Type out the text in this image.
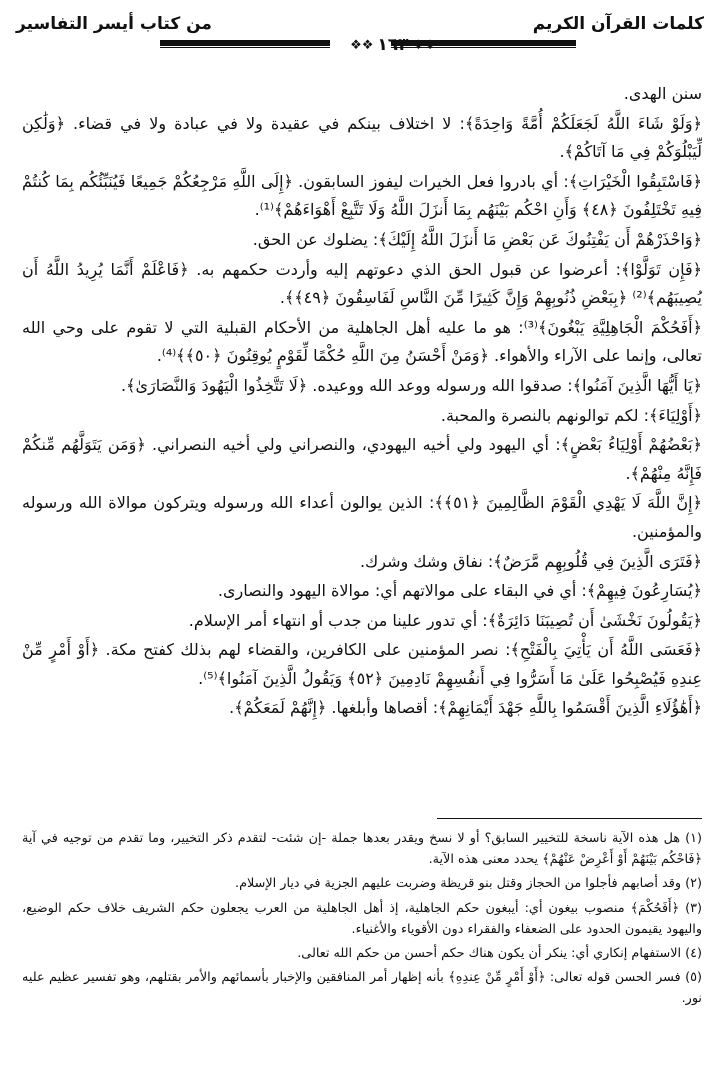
كلمات القرآن الكريم
من كتاب أيسر التفاسير
❖❖ ١٦٣ ❖❖

سنن الهدى.

﴿وَلَوْ شَاءَ اللَّهُ لَجَعَلَكُمْ أُمَّةً وَاحِدَةً﴾: لا اختلاف بينكم في عقيدة ولا في عبادة ولا في قضاء. ﴿وَلَٰكِن لِّيَبْلُوَكُمْ فِي مَا آتَاكُمْ﴾.

﴿فَاسْتَبِقُوا الْخَيْرَاتِ﴾: أي بادروا فعل الخيرات ليفوز السابقون. ﴿إِلَى اللَّهِ مَرْجِعُكُمْ جَمِيعًا فَيُنَبِّئُكُم بِمَا كُنتُمْ فِيهِ تَخْتَلِفُونَ ﴿٤٨﴾ وَأَنِ احْكُم بَيْنَهُم بِمَا أَنزَلَ اللَّهُ وَلَا تَتَّبِعْ أَهْوَاءَهُمْ﴾⁽¹⁾.

﴿وَاحْذَرْهُمْ أَن يَفْتِنُوكَ عَن بَعْضِ مَا أَنزَلَ اللَّهُ إِلَيْكَ﴾: يضلوك عن الحق.

﴿فَإِن تَوَلَّوْا﴾: أعرضوا عن قبول الحق الذي دعوتهم إليه وأردت حكمهم به. ﴿فَاعْلَمْ أَنَّمَا يُرِيدُ اللَّهُ أَن يُصِيبَهُم﴾⁽²⁾ ﴿بِبَعْضِ ذُنُوبِهِمْ وَإِنَّ كَثِيرًا مِّنَ النَّاسِ لَفَاسِقُونَ ﴿٤٩﴾﴾.

﴿أَفَحُكْمَ الْجَاهِلِيَّةِ يَبْغُونَ﴾⁽³⁾: هو ما عليه أهل الجاهلية من الأحكام القبلية التي لا تقوم على وحي الله تعالى، وإنما على الآراء والأهواء. ﴿وَمَنْ أَحْسَنُ مِنَ اللَّهِ حُكْمًا لِّقَوْمٍ يُوقِنُونَ ﴿٥٠﴾﴾⁽⁴⁾.

﴿يَا أَيُّهَا الَّذِينَ آمَنُوا﴾: صدقوا الله ورسوله ووعد الله ووعيده. ﴿لَا تَتَّخِذُوا الْيَهُودَ وَالنَّصَارَىٰ﴾.

﴿أَوْلِيَاءَ﴾: لكم توالونهم بالنصرة والمحبة.

﴿بَعْضُهُمْ أَوْلِيَاءُ بَعْضٍ﴾: أي اليهود ولي أخيه اليهودي، والنصراني ولي أخيه النصراني. ﴿وَمَن يَتَوَلَّهُم مِّنكُمْ فَإِنَّهُ مِنْهُمْ﴾.

﴿إِنَّ اللَّهَ لَا يَهْدِي الْقَوْمَ الظَّالِمِينَ ﴿٥١﴾﴾: الذين يوالون أعداء الله ورسوله ويتركون موالاة الله ورسوله والمؤمنين.

﴿فَتَرَى الَّذِينَ فِي قُلُوبِهِم مَّرَضٌ﴾: نفاق وشك وشرك.

﴿يُسَارِعُونَ فِيهِمْ﴾: أي في البقاء على موالاتهم أي: موالاة اليهود والنصارى.

﴿يَقُولُونَ نَخْشَىٰ أَن تُصِيبَنَا دَائِرَةٌ﴾: أي تدور علينا من جدب أو انتهاء أمر الإسلام.

﴿فَعَسَى اللَّهُ أَن يَأْتِيَ بِالْفَتْحِ﴾: نصر المؤمنين على الكافرين، والقضاء لهم بذلك كفتح مكة. ﴿أَوْ أَمْرٍ مِّنْ عِندِهِ فَيُصْبِحُوا عَلَىٰ مَا أَسَرُّوا فِي أَنفُسِهِمْ نَادِمِينَ ﴿٥٢﴾ وَيَقُولُ الَّذِينَ آمَنُوا﴾⁽⁵⁾.

﴿أَهَٰؤُلَاءِ الَّذِينَ أَقْسَمُوا بِاللَّهِ جَهْدَ أَيْمَانِهِمْ﴾: أقصاها وأبلغها. ﴿إِنَّهُمْ لَمَعَكُمْ﴾.

(١) هل هذه الآية ناسخة للتخيير السابق؟ أو لا نسخ ويقدر بعدها جملة -إن شئت- لتقدم ذكر التخيير، وما تقدم من توجيه في آية ﴿فَاحْكُم بَيْنَهُمْ أَوْ أَعْرِضْ عَنْهُمْ﴾ يحدد معنى هذه الآية.

(٢) وقد أصابهم فأجلوا من الحجاز وقتل بنو قريظة وضربت عليهم الجزية في ديار الإسلام.

(٣) ﴿أَفَحُكْمَ﴾ منصوب بيغون أي: أيبغون حكم الجاهلية، إذ أهل الجاهلية من العرب يجعلون حكم الشريف خلاف حكم الوضيع، واليهود يقيمون الحدود على الضعفاء والفقراء دون الأقوياء والأغنياء.

(٤) الاستفهام إنكاري أي: ينكر أن يكون هناك حكم أحسن من حكم الله تعالى.

(٥) فسر الحسن قوله تعالى: ﴿أَوْ أَمْرٍ مِّنْ عِندِهِ﴾ بأنه إظهار أمر المنافقين والإخبار بأسمائهم والأمر بقتلهم، وهو تفسير عظيم عليه نور.
